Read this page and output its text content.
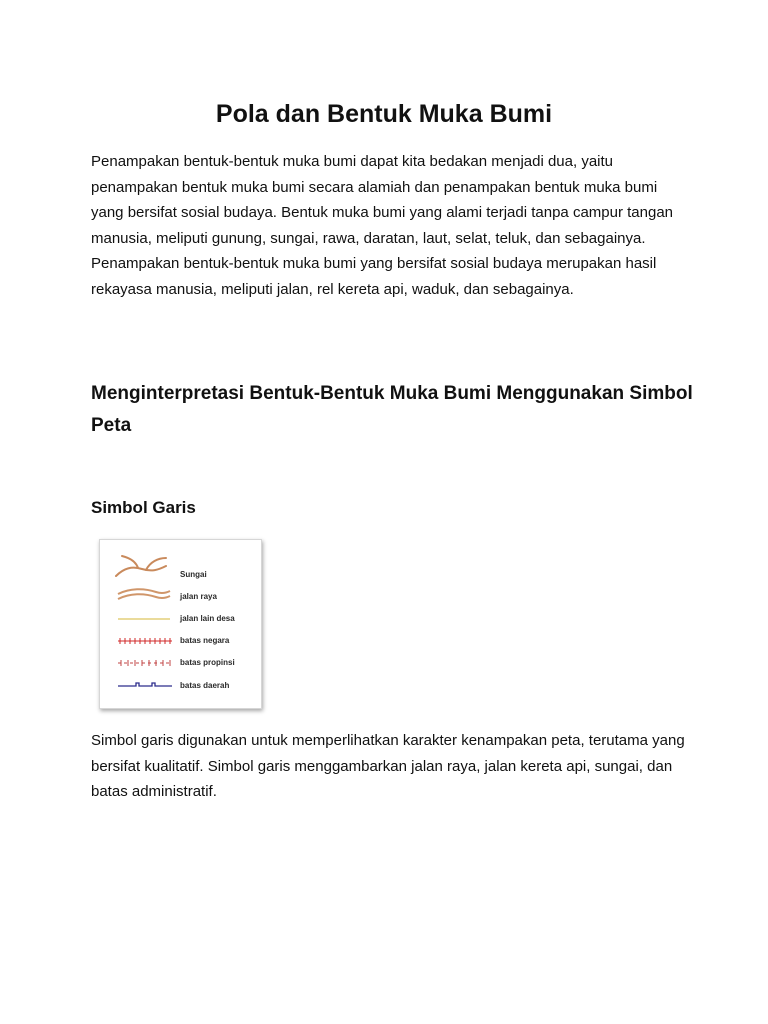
Pola dan Bentuk Muka Bumi

Penampakan bentuk-bentuk muka bumi dapat kita bedakan menjadi dua, yaitu penampakan bentuk muka bumi secara alamiah dan penampakan bentuk muka bumi yang bersifat sosial budaya. Bentuk muka bumi yang alami terjadi tanpa campur tangan manusia, meliputi gunung, sungai, rawa, daratan, laut, selat, teluk, dan sebagainya. Penampakan bentuk-bentuk muka bumi yang bersifat sosial budaya merupakan hasil rekayasa manusia, meliputi jalan, rel kereta api, waduk, dan sebagainya.

Menginterpretasi Bentuk-Bentuk Muka Bumi Menggunakan Simbol Peta
Simbol Garis
Sungai
jalan raya
jalan lain desa
batas negara
batas propinsi
batas daerah

Simbol garis digunakan untuk memperlihatkan karakter kenampakan peta, terutama yang bersifat kualitatif. Simbol garis menggambarkan jalan raya, jalan kereta api, sungai, dan batas administratif.
